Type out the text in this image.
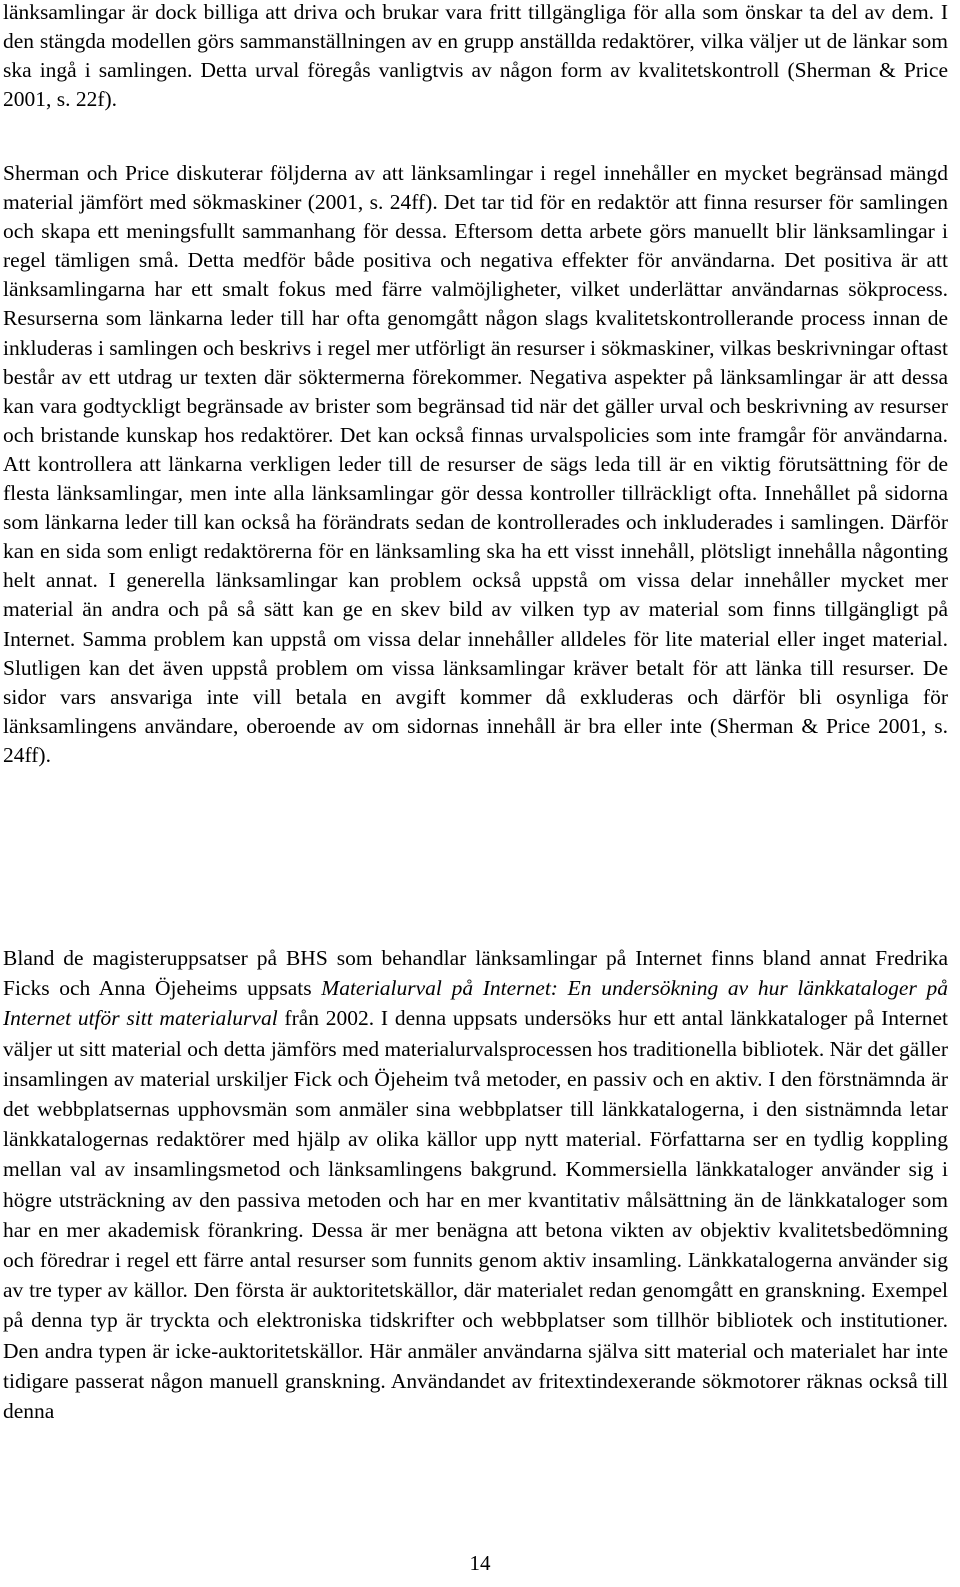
länksamlingar är dock billiga att driva och brukar vara fritt tillgängliga för alla som önskar ta del av dem. I den stängda modellen görs sammanställningen av en grupp anställda redaktörer, vilka väljer ut de länkar som ska ingå i samlingen. Detta urval föregås vanligtvis av någon form av kvalitetskontroll (Sherman & Price 2001, s. 22f).

Sherman och Price diskuterar följderna av att länksamlingar i regel innehåller en mycket begränsad mängd material jämfört med sökmaskiner (2001, s. 24ff). Det tar tid för en redaktör att finna resurser för samlingen och skapa ett meningsfullt sammanhang för dessa. Eftersom detta arbete görs manuellt blir länksamlingar i regel tämligen små. Detta medför både positiva och negativa effekter för användarna. Det positiva är att länksamlingarna har ett smalt fokus med färre valmöjligheter, vilket underlättar användarnas sökprocess. Resurserna som länkarna leder till har ofta genomgått någon slags kvalitetskontrollerande process innan de inkluderas i samlingen och beskrivs i regel mer utförligt än resurser i sökmaskiner, vilkas beskrivningar oftast består av ett utdrag ur texten där söktermerna förekommer. Negativa aspekter på länksamlingar är att dessa kan vara godtyckligt begränsade av brister som begränsad tid när det gäller urval och beskrivning av resurser och bristande kunskap hos redaktörer. Det kan också finnas urvalspolicies som inte framgår för användarna. Att kontrollera att länkarna verkligen leder till de resurser de sägs leda till är en viktig förutsättning för de flesta länksamlingar, men inte alla länksamlingar gör dessa kontroller tillräckligt ofta. Innehållet på sidorna som länkarna leder till kan också ha förändrats sedan de kontrollerades och inkluderades i samlingen. Därför kan en sida som enligt redaktörerna för en länksamling ska ha ett visst innehåll, plötsligt innehålla någonting helt annat. I generella länksamlingar kan problem också uppstå om vissa delar innehåller mycket mer material än andra och på så sätt kan ge en skev bild av vilken typ av material som finns tillgängligt på Internet. Samma problem kan uppstå om vissa delar innehåller alldeles för lite material eller inget material. Slutligen kan det även uppstå problem om vissa länksamlingar kräver betalt för att länka till resurser. De sidor vars ansvariga inte vill betala en avgift kommer då exkluderas och därför bli osynliga för länksamlingens användare, oberoende av om sidornas innehåll är bra eller inte (Sherman & Price 2001, s. 24ff).

Bland de magisteruppsatser på BHS som behandlar länksamlingar på Internet finns bland annat Fredrika Ficks och Anna Öjeheims uppsats Materialurval på Internet: En undersökning av hur länkkataloger på Internet utför sitt materialurval från 2002. I denna uppsats undersöks hur ett antal länkkataloger på Internet väljer ut sitt material och detta jämförs med materialurvalsprocessen hos traditionella bibliotek. När det gäller insamlingen av material urskiljer Fick och Öjeheim två metoder, en passiv och en aktiv. I den förstnämnda är det webbplatsernas upphovsmän som anmäler sina webbplatser till länkkatalogerna, i den sistnämnda letar länkkatalogernas redaktörer med hjälp av olika källor upp nytt material. Författarna ser en tydlig koppling mellan val av insamlingsmetod och länksamlingens bakgrund. Kommersiella länkkataloger använder sig i högre utsträckning av den passiva metoden och har en mer kvantitativ målsättning än de länkkataloger som har en mer akademisk förankring. Dessa är mer benägna att betona vikten av objektiv kvalitetsbedömning och föredrar i regel ett färre antal resurser som funnits genom aktiv insamling. Länkkatalogerna använder sig av tre typer av källor. Den första är auktoritetskällor, där materialet redan genomgått en granskning. Exempel på denna typ är tryckta och elektroniska tidskrifter och webbplatser som tillhör bibliotek och institutioner. Den andra typen är icke-auktoritetskällor. Här anmäler användarna själva sitt material och materialet har inte tidigare passerat någon manuell granskning. Användandet av fritextindexerande sökmotorer räknas också till denna

14
